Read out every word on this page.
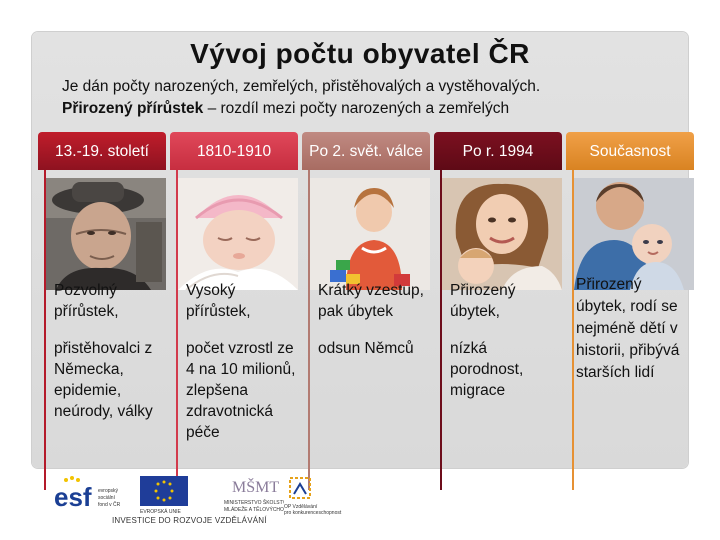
Vývoj počtu obyvatel ČR
Je dán počty narozených, zemřelých, přistěhovalých a vystěhovalých.
Přirozený přírůstek – rozdíl mezi počty narozených a zemřelých
13.-19. století

Pozvolný přírůstek,

přistěhovalci z Německa, epidemie, neúrody, války

1810-1910

Vysoký přírůstek,

počet vzrostl ze 4 na 10 milionů, zlepšena zdravotnická péče

Po 2. svět. válce

Krátký vzestup, pak úbytek

odsun Němců

Po r. 1994

Přirozený úbytek,

nízká porodnost, migrace

Současnost

Přirozený úbytek, rodí se nejméně dětí v historii, přibývá starších lidí

esf evropský
sociální
fond v ČR
EVROPSKÁ UNIE
MŠMT
MINISTERSTVO ŠKOLSTVÍ,
MLÁDEŽE A TĚLOVÝCHOVY
OP Vzdělávání
pro konkurenceschopnost
INVESTICE DO ROZVOJE VZDĚLÁVÁNÍ
